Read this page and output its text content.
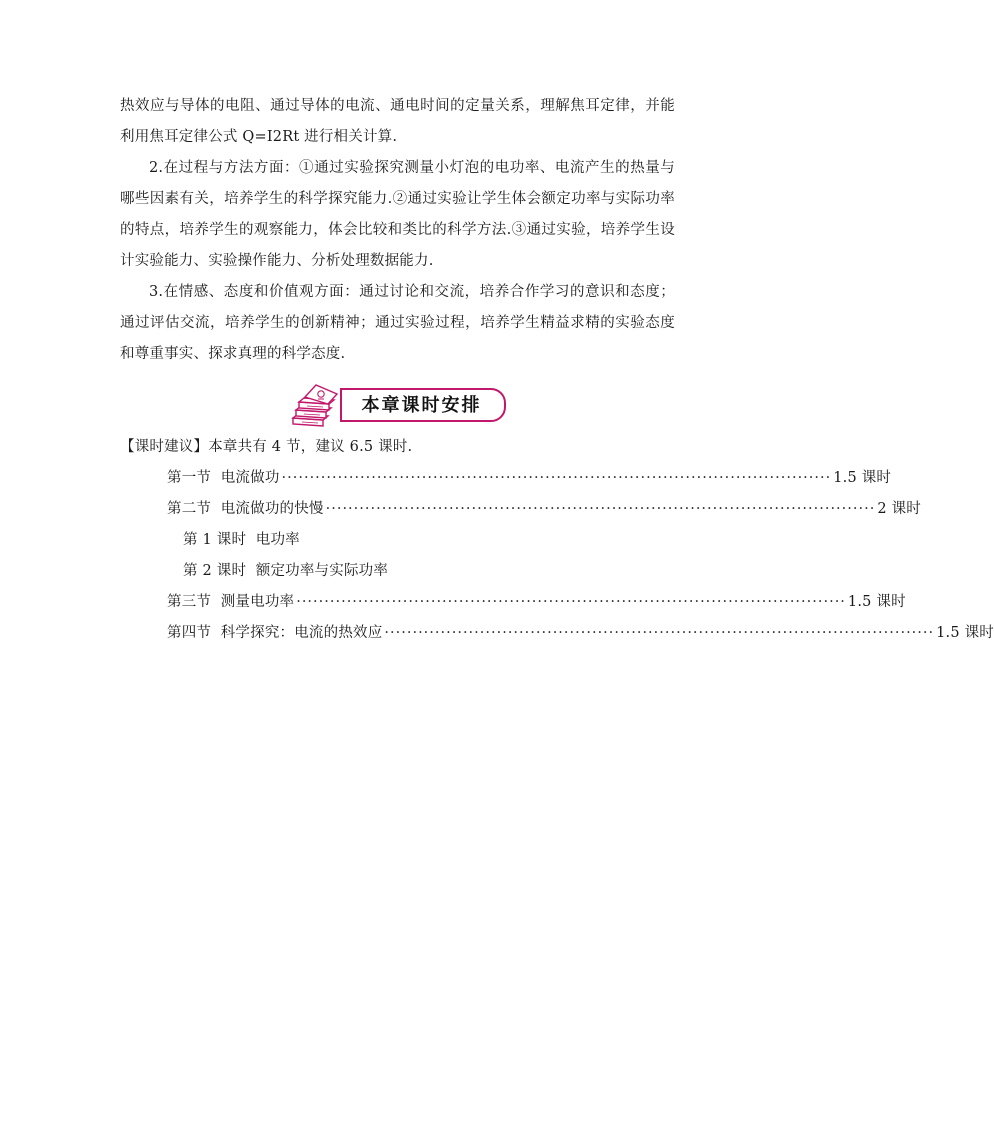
热效应与导体的电阻、通过导体的电流、通电时间的定量关系，理解焦耳定律，并能利用焦耳定律公式 Q=I2Rt 进行相关计算.

2.在过程与方法方面：①通过实验探究测量小灯泡的电功率、电流产生的热量与哪些因素有关，培养学生的科学探究能力.②通过实验让学生体会额定功率与实际功率的特点，培养学生的观察能力，体会比较和类比的科学方法.③通过实验，培养学生设计实验能力、实验操作能力、分析处理数据能力.

3.在情感、态度和价值观方面：通过讨论和交流，培养合作学习的意识和态度；通过评估交流，培养学生的创新精神；通过实验过程，培养学生精益求精的实验态度和尊重事实、探求真理的科学态度.

本章课时安排
【课时建议】本章共有 4 节，建议 6.5 课时.
第一节  电流做功 ·································································································· 1.5 课时
第二节  电流做功的快慢 ·································································································· 2 课时
第 1 课时  电功率
第 2 课时  额定功率与实际功率
第三节  测量电功率 ·································································································· 1.5 课时
第四节  科学探究：电流的热效应 ·································································································· 1.5 课时
